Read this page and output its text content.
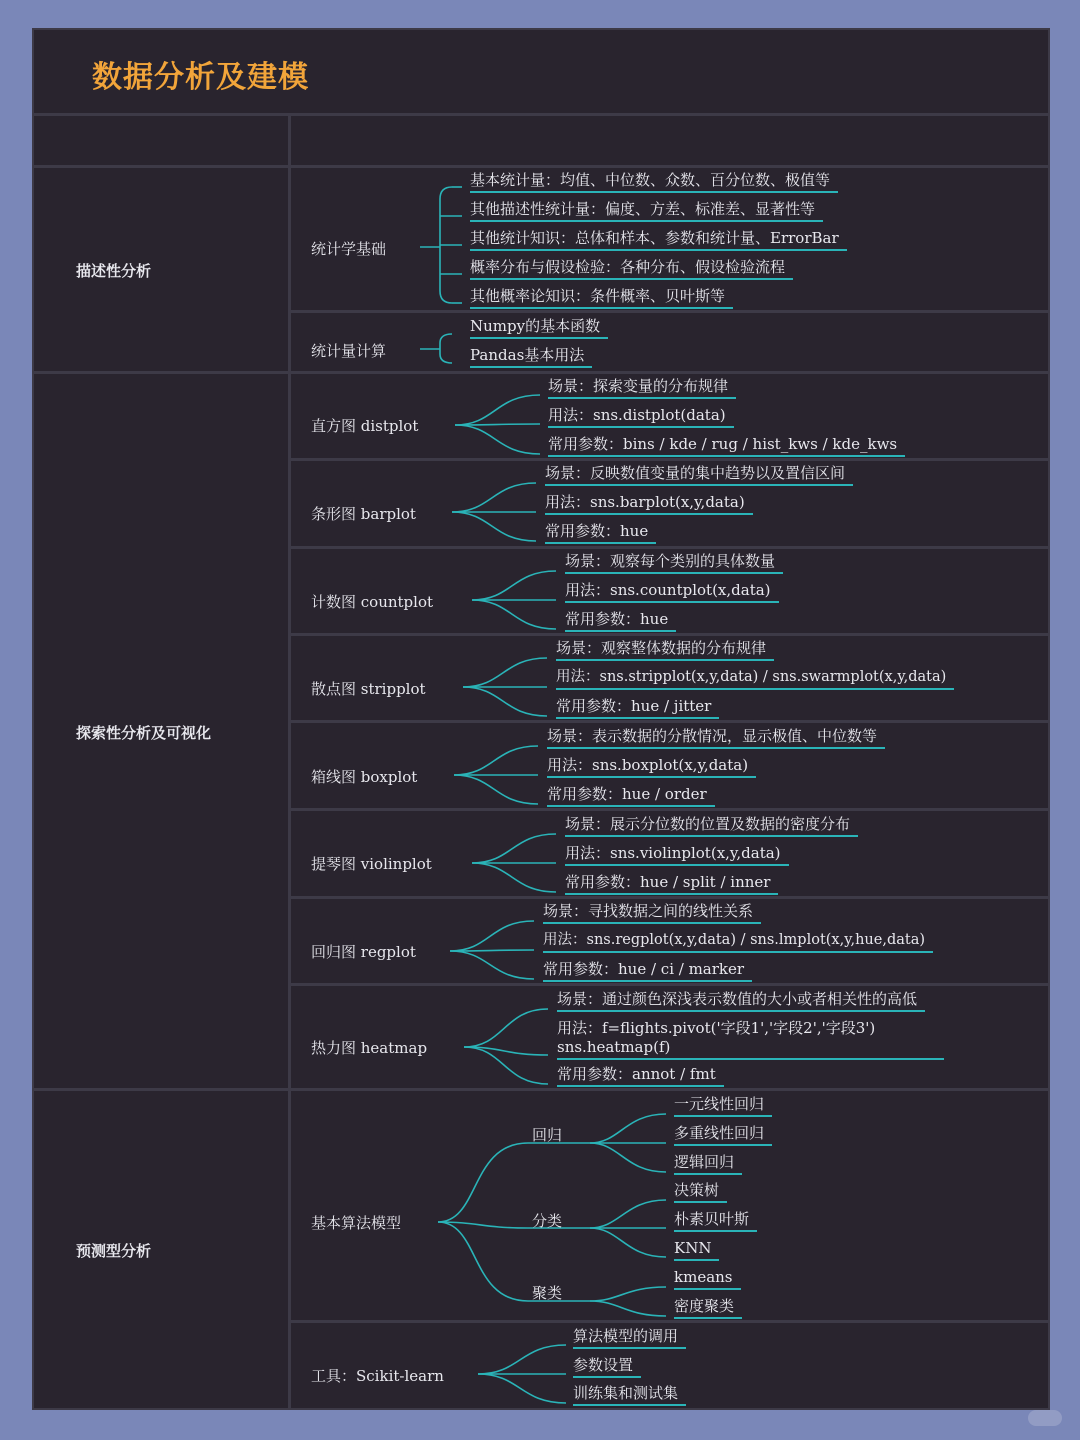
数据分析及建模
描述性分析
探索性分析及可视化
预测型分析
统计学基础
基本统计量：均值、中位数、众数、百分位数、极值等
其他描述性统计量：偏度、方差、标准差、显著性等
其他统计知识：总体和样本、参数和统计量、ErrorBar
概率分布与假设检验：各种分布、假设检验流程
其他概率论知识：条件概率、贝叶斯等
统计量计算
Numpy的基本函数
Pandas基本用法
直方图 distplot
场景：探索变量的分布规律
用法：sns.distplot(data)
常用参数：bins / kde / rug / hist_kws / kde_kws
条形图 barplot
场景：反映数值变量的集中趋势以及置信区间
用法：sns.barplot(x,y,data)
常用参数：hue
计数图 countplot
场景：观察每个类别的具体数量
用法：sns.countplot(x,data)
常用参数：hue
散点图 stripplot
场景：观察整体数据的分布规律
用法：sns.stripplot(x,y,data) / sns.swarmplot(x,y,data)
常用参数：hue / jitter
箱线图 boxplot
场景：表示数据的分散情况，显示极值、中位数等
用法：sns.boxplot(x,y,data)
常用参数：hue / order
提琴图 violinplot
场景：展示分位数的位置及数据的密度分布
用法：sns.violinplot(x,y,data)
常用参数：hue / split / inner
回归图 regplot
场景：寻找数据之间的线性关系
用法：sns.regplot(x,y,data) / sns.lmplot(x,y,hue,data)
常用参数：hue / ci / marker
热力图 heatmap
场景：通过颜色深浅表示数值的大小或者相关性的高低
用法：f=flights.pivot('字段1','字段2','字段3')
sns.heatmap(f)
常用参数：annot / fmt
基本算法模型
回归
分类
聚类
一元线性回归
多重线性回归
逻辑回归
决策树
朴素贝叶斯
KNN
kmeans
密度聚类
工具：Scikit-learn
算法模型的调用
参数设置
训练集和测试集
